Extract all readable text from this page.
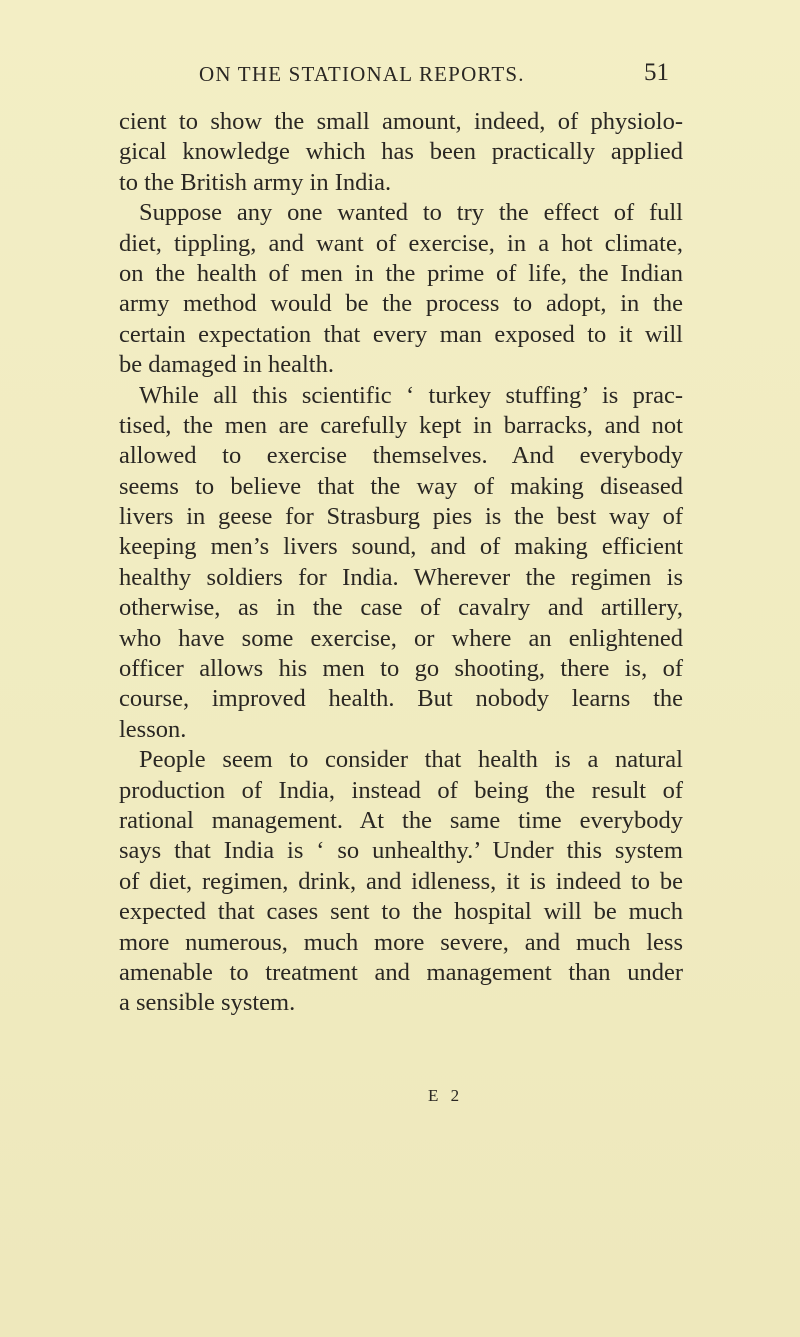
ON THE STATIONAL REPORTS.	51
cient to show the small amount, indeed, of physiolo-
gical knowledge which has been practically applied
to the British army in India.
Suppose any one wanted to try the effect of full
diet, tippling, and want of exercise, in a hot climate,
on the health of men in the prime of life, the Indian
army method would be the process to adopt, in the
certain expectation that every man exposed to it will
be damaged in health.
While all this scientific ‘ turkey stuffing’ is prac-
tised, the men are carefully kept in barracks, and not
allowed to exercise themselves. And everybody
seems to believe that the way of making diseased
livers in geese for Strasburg pies is the best way of
keeping men’s livers sound, and of making efficient
healthy soldiers for India. Wherever the regimen is
otherwise, as in the case of cavalry and artillery,
who have some exercise, or where an enlightened
officer allows his men to go shooting, there is, of
course, improved health. But nobody learns the
lesson.
People seem to consider that health is a natural
production of India, instead of being the result of
rational management. At the same time everybody
says that India is ‘ so unhealthy.’ Under this system
of diet, regimen, drink, and idleness, it is indeed to be
expected that cases sent to the hospital will be much
more numerous, much more severe, and much less
amenable to treatment and management than under
a sensible system.
E 2
